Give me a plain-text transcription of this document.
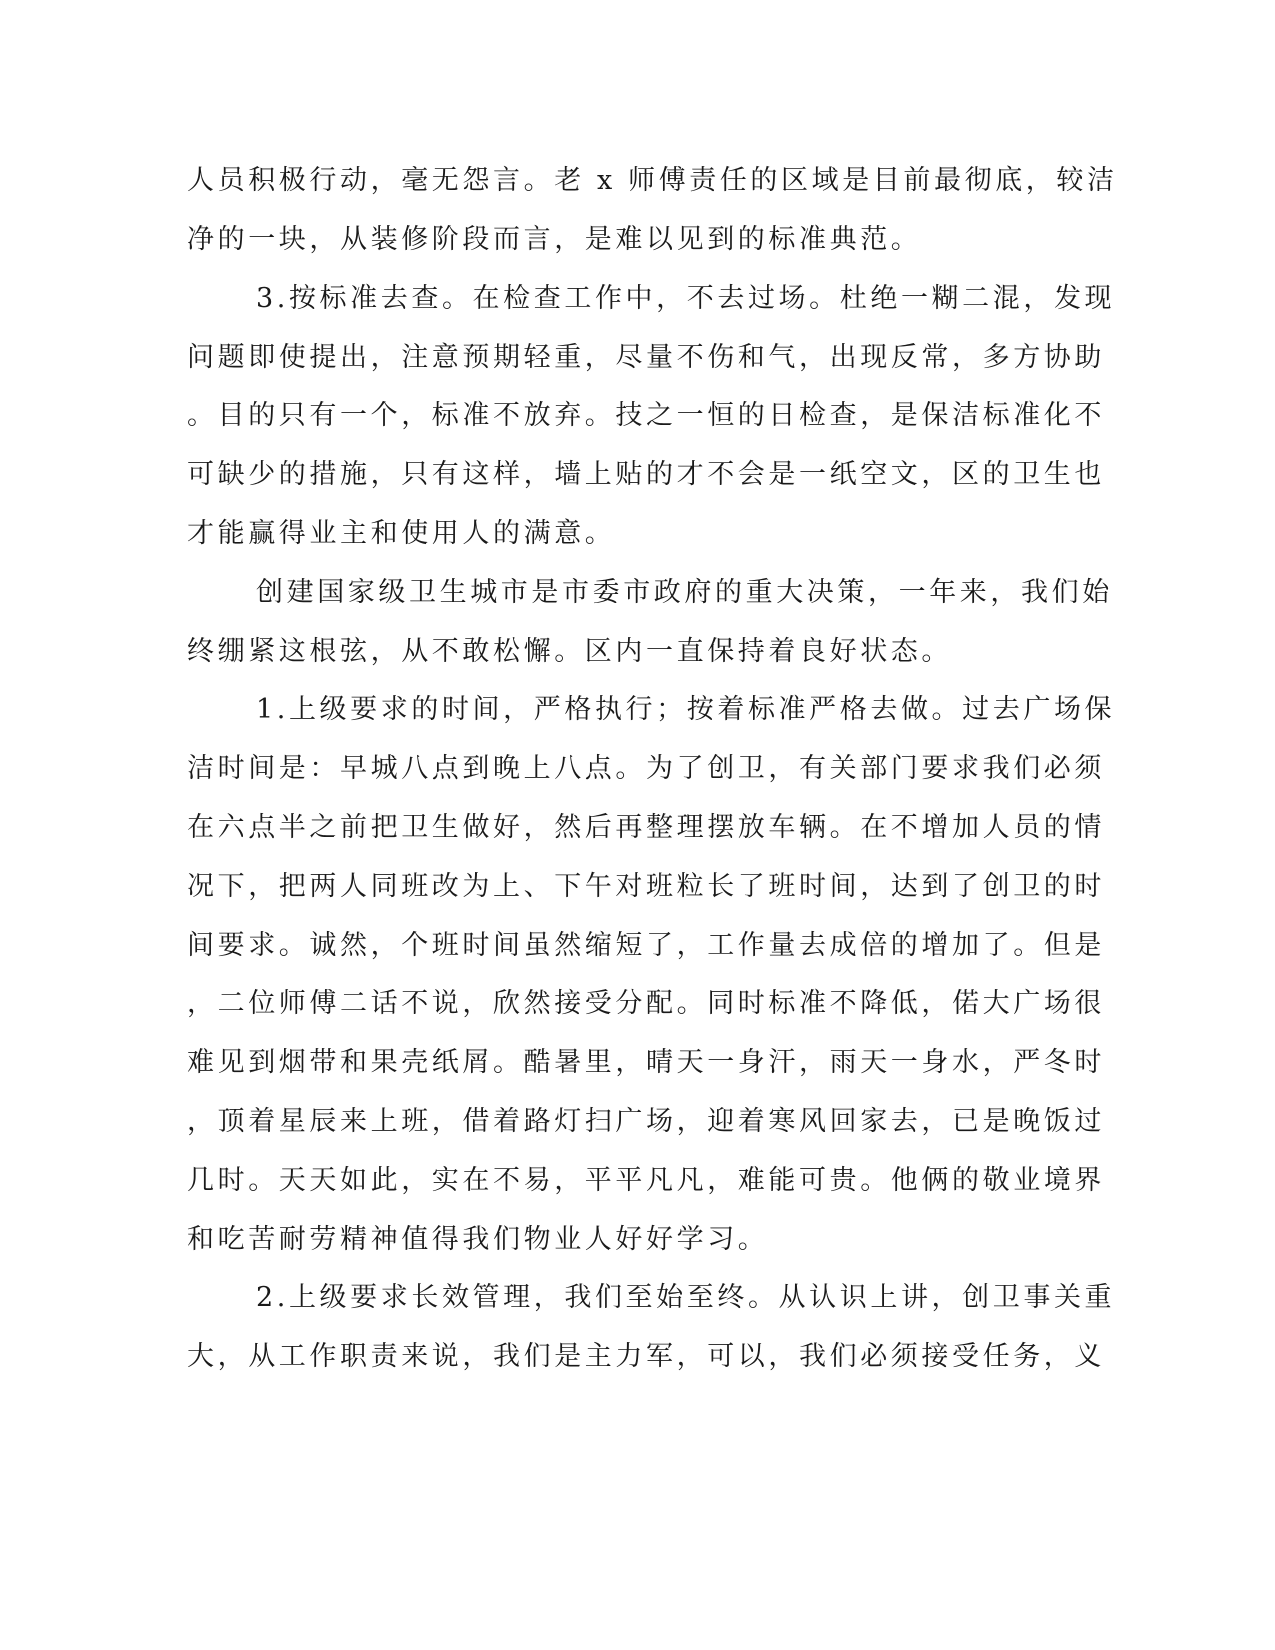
人员积极行动，毫无怨言。老 x 师傅责任的区域是目前最彻底，较洁
净的一块，从装修阶段而言，是难以见到的标准典范。
3.按标准去查。在检查工作中，不去过场。杜绝一糊二混，发现
问题即使提出，注意预期轻重，尽量不伤和气，出现反常，多方协助
。目的只有一个，标准不放弃。技之一恒的日检查，是保洁标准化不
可缺少的措施，只有这样，墙上贴的才不会是一纸空文，区的卫生也
才能赢得业主和使用人的满意。
创建国家级卫生城市是市委市政府的重大决策，一年来，我们始
终绷紧这根弦，从不敢松懈。区内一直保持着良好状态。
1.上级要求的时间，严格执行；按着标准严格去做。过去广场保
洁时间是：早城八点到晚上八点。为了创卫，有关部门要求我们必须
在六点半之前把卫生做好，然后再整理摆放车辆。在不增加人员的情
况下，把两人同班改为上、下午对班粒长了班时间，达到了创卫的时
间要求。诚然，个班时间虽然缩短了，工作量去成倍的增加了。但是
，二位师傅二话不说，欣然接受分配。同时标准不降低，偌大广场很
难见到烟带和果壳纸屑。酷暑里，晴天一身汗，雨天一身水，严冬时
，顶着星辰来上班，借着路灯扫广场，迎着寒风回家去，已是晚饭过
几时。天天如此，实在不易，平平凡凡，难能可贵。他俩的敬业境界
和吃苦耐劳精神值得我们物业人好好学习。
2.上级要求长效管理，我们至始至终。从认识上讲，创卫事关重
大，从工作职责来说，我们是主力军，可以，我们必须接受任务，义
